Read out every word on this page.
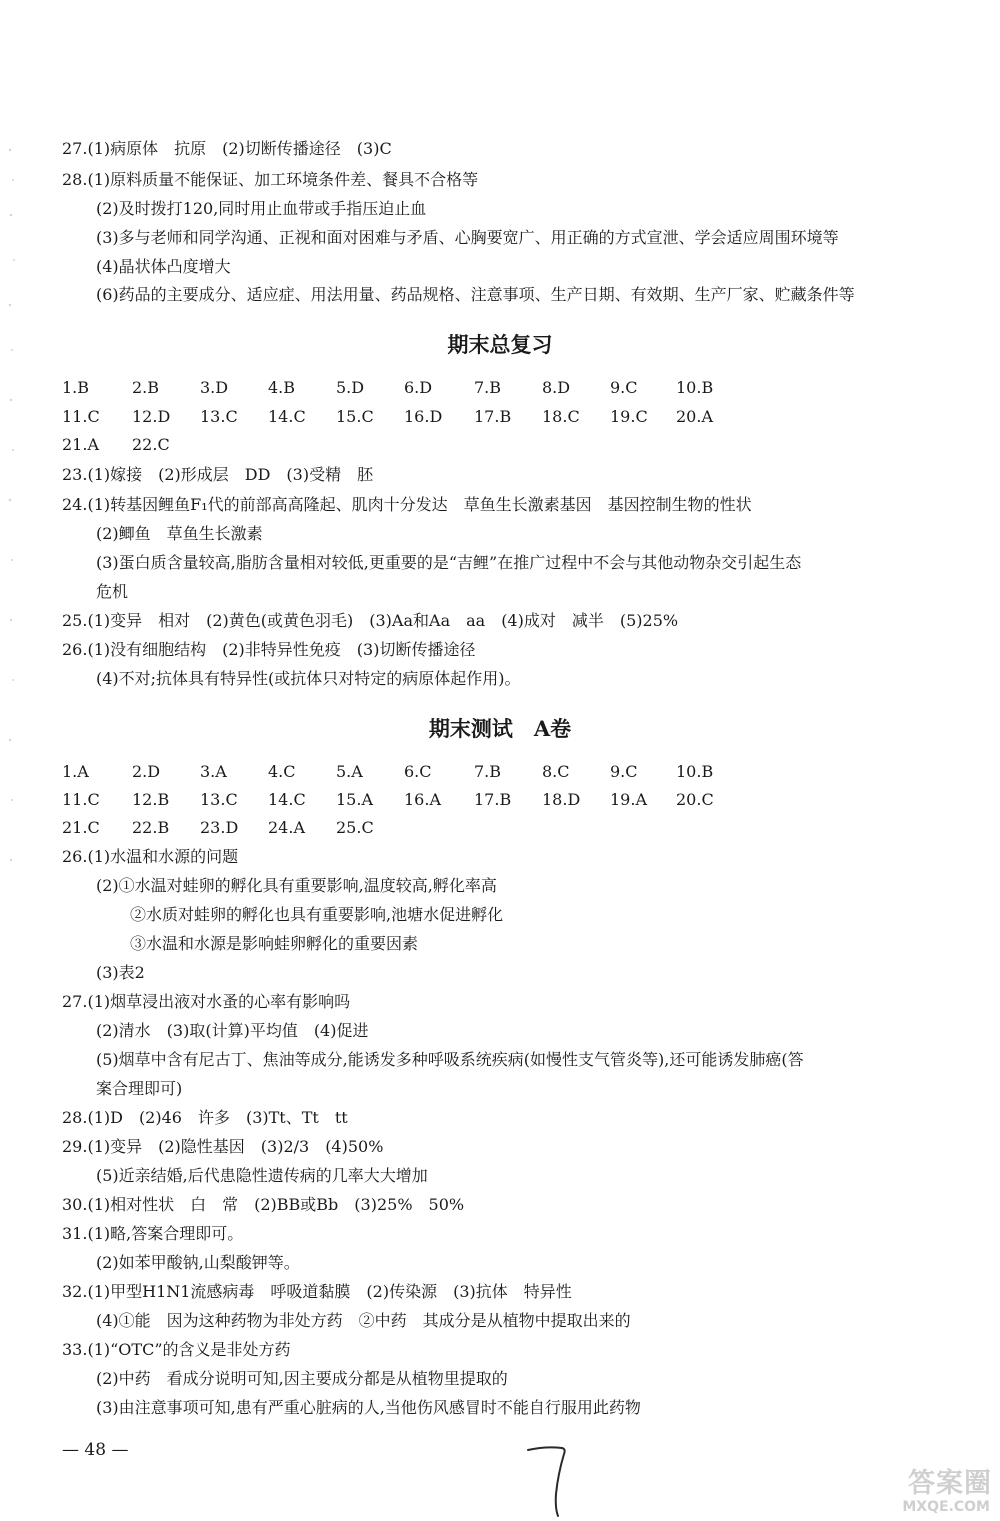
27.(1)病原体　抗原　(2)切断传播途径　(3)C
28.(1)原料质量不能保证、加工环境条件差、餐具不合格等
(2)及时拨打120,同时用止血带或手指压迫止血
(3)多与老师和同学沟通、正视和面对困难与矛盾、心胸要宽广、用正确的方式宣泄、学会适应周围环境等
(4)晶状体凸度增大
(6)药品的主要成分、适应症、用法用量、药品规格、注意事项、生产日期、有效期、生产厂家、贮藏条件等
期末总复习
1.B	2.B	3.D 4.B	5.D 6.D	7.B	8.D 9.C 10.B
11.C 12.D 13.C 14.C 15.C 16.D 17.B 18.C 19.C 20.A
21.A 22.C
23.(1)嫁接　(2)形成层　DD　(3)受精　胚
24.(1)转基因鲤鱼F₁代的前部高高隆起、肌肉十分发达　草鱼生长激素基因　基因控制生物的性状
(2)鲫鱼　草鱼生长激素
(3)蛋白质含量较高,脂肪含量相对较低,更重要的是“吉鲤”在推广过程中不会与其他动物杂交引起生态
危机
25.(1)变异　相对　(2)黄色(或黄色羽毛)　(3)Aa和Aa　aa　(4)成对　减半　(5)25%
26.(1)没有细胞结构　(2)非特异性免疫　(3)切断传播途径
(4)不对;抗体具有特异性(或抗体只对特定的病原体起作用)。
期末测试　A卷
1.A	2.D 3.A	4.C	5.A	6.C	7.B	8.C	9.C 10.B
11.C 12.B 13.C 14.C 15.A 16.A 17.B 18.D 19.A 20.C
21.C 22.B 23.D 24.A 25.C
26.(1)水温和水源的问题
(2)①水温对蛙卵的孵化具有重要影响,温度较高,孵化率高
②水质对蛙卵的孵化也具有重要影响,池塘水促进孵化
③水温和水源是影响蛙卵孵化的重要因素
(3)表2
27.(1)烟草浸出液对水蚤的心率有影响吗
(2)清水　(3)取(计算)平均值　(4)促进
(5)烟草中含有尼古丁、焦油等成分,能诱发多种呼吸系统疾病(如慢性支气管炎等),还可能诱发肺癌(答
案合理即可)
28.(1)D　(2)46　许多　(3)Tt、Tt　tt
29.(1)变异　(2)隐性基因　(3)2/3　(4)50%
(5)近亲结婚,后代患隐性遗传病的几率大大增加
30.(1)相对性状　白　常　(2)BB或Bb　(3)25%　50%
31.(1)略,答案合理即可。
(2)如苯甲酸钠,山梨酸钾等。
32.(1)甲型H1N1流感病毒　呼吸道黏膜　(2)传染源　(3)抗体　特异性
(4)①能　因为这种药物为非处方药　②中药　其成分是从植物中提取出来的
33.(1)“OTC”的含义是非处方药
(2)中药　看成分说明可知,因主要成分都是从植物里提取的
(3)由注意事项可知,患有严重心脏病的人,当他伤风感冒时不能自行服用此药物
— 48 —
答案圈
MXQE.COM
